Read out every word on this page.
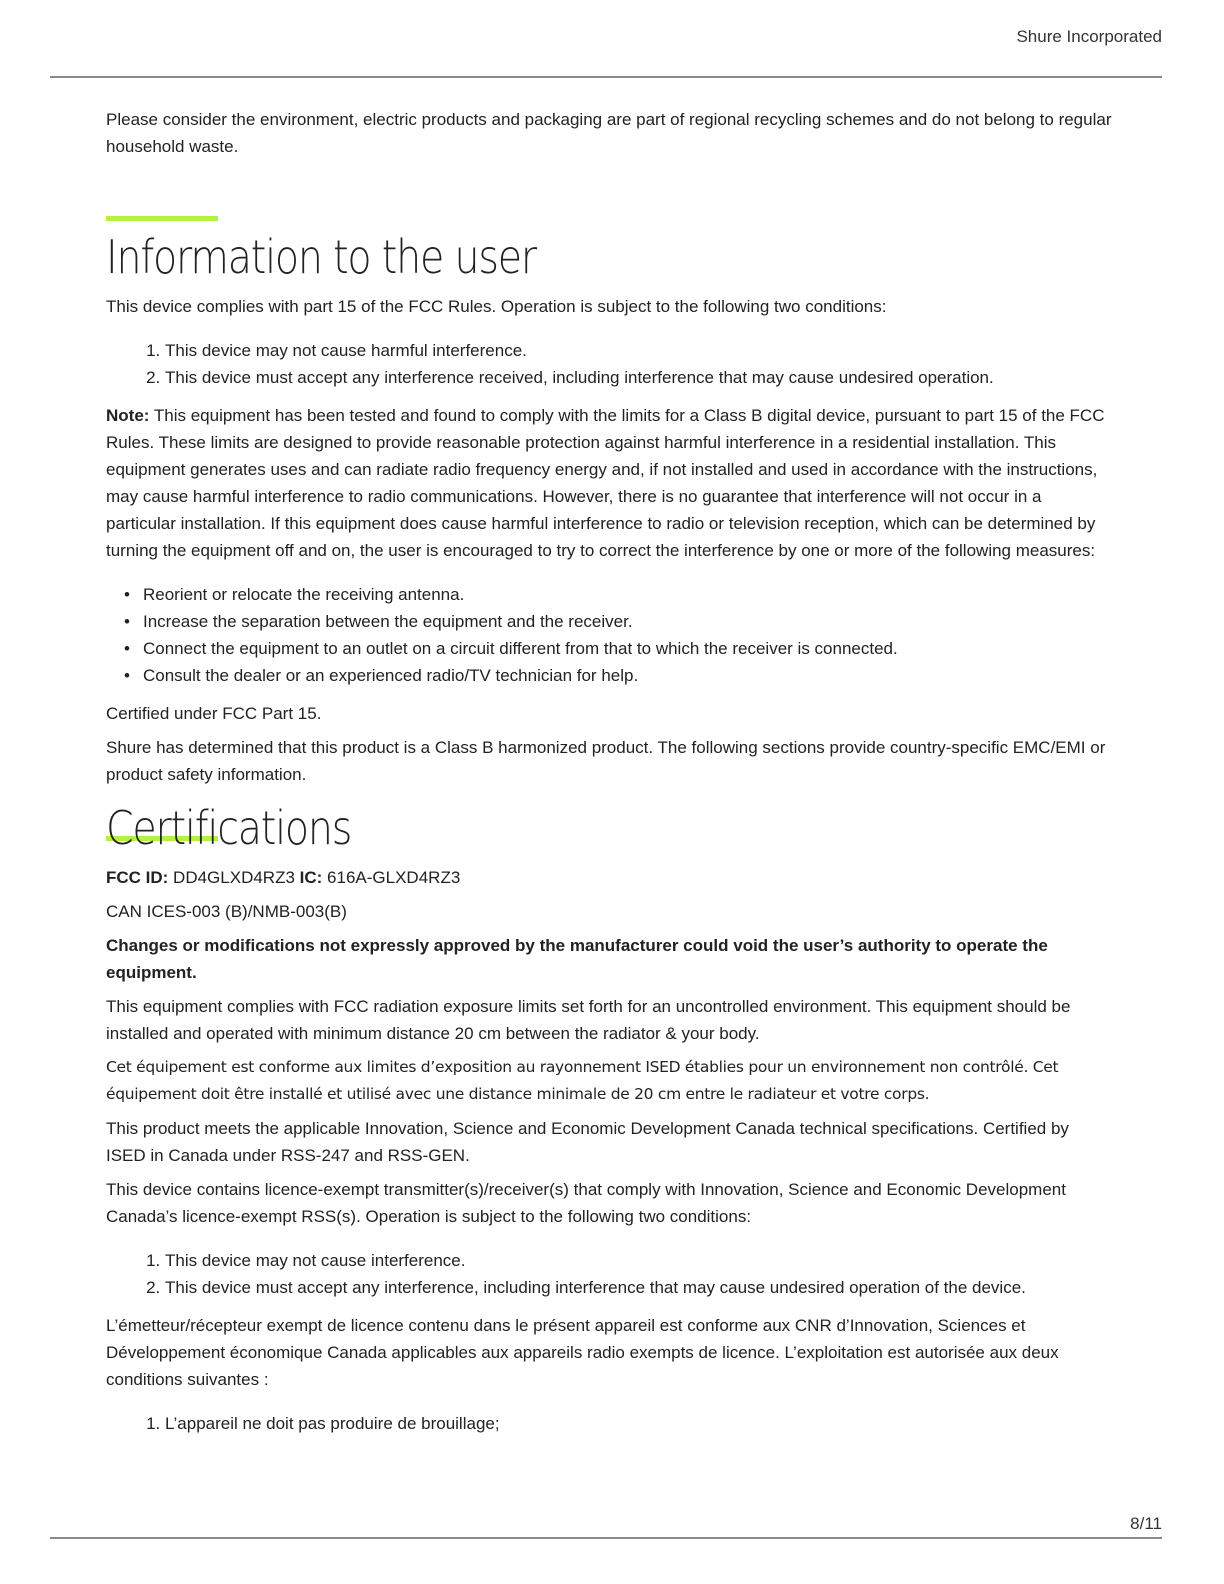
Shure Incorporated

Please consider the environment, electric products and packaging are part of regional recycling schemes and do not belong to regular household waste.

Information to the user

This device complies with part 15 of the FCC Rules. Operation is subject to the following two conditions:

1. This device may not cause harmful interference.
2. This device must accept any interference received, including interference that may cause undesired operation.

Note: This equipment has been tested and found to comply with the limits for a Class B digital device, pursuant to part 15 of the FCC Rules. These limits are designed to provide reasonable protection against harmful interference in a residential installation. This equipment generates uses and can radiate radio frequency energy and, if not installed and used in accordance with the instructions, may cause harmful interference to radio communications. However, there is no guarantee that interference will not occur in a particular installation. If this equipment does cause harmful interference to radio or television reception, which can be determined by turning the equipment off and on, the user is encouraged to try to correct the interference by one or more of the following measures:

• Reorient or relocate the receiving antenna.
• Increase the separation between the equipment and the receiver.
• Connect the equipment to an outlet on a circuit different from that to which the receiver is connected.
• Consult the dealer or an experienced radio/TV technician for help.

Certified under FCC Part 15.

Shure has determined that this product is a Class B harmonized product. The following sections provide country-specific EMC/EMI or product safety information.

Certifications

FCC ID: DD4GLXD4RZ3 IC: 616A-GLXD4RZ3

CAN ICES-003 (B)/NMB-003(B)

Changes or modifications not expressly approved by the manufacturer could void the user’s authority to operate the equipment.

This equipment complies with FCC radiation exposure limits set forth for an uncontrolled environment. This equipment should be installed and operated with minimum distance 20 cm between the radiator & your body.

Cet équipement est conforme aux limites d’exposition au rayonnement ISED établies pour un environnement non contrôlé. Cet équipement doit être installé et utilisé avec une distance minimale de 20 cm entre le radiateur et votre corps.

This product meets the applicable Innovation, Science and Economic Development Canada technical specifications. Certified by ISED in Canada under RSS-247 and RSS-GEN.

This device contains licence-exempt transmitter(s)/receiver(s) that comply with Innovation, Science and Economic Development Canada’s licence-exempt RSS(s). Operation is subject to the following two conditions:

1. This device may not cause interference.
2. This device must accept any interference, including interference that may cause undesired operation of the device.

L’émetteur/récepteur exempt de licence contenu dans le présent appareil est conforme aux CNR d’Innovation, Sciences et Développement économique Canada applicables aux appareils radio exempts de licence. L’exploitation est autorisée aux deux conditions suivantes :

1. L’appareil ne doit pas produire de brouillage;
8/11
